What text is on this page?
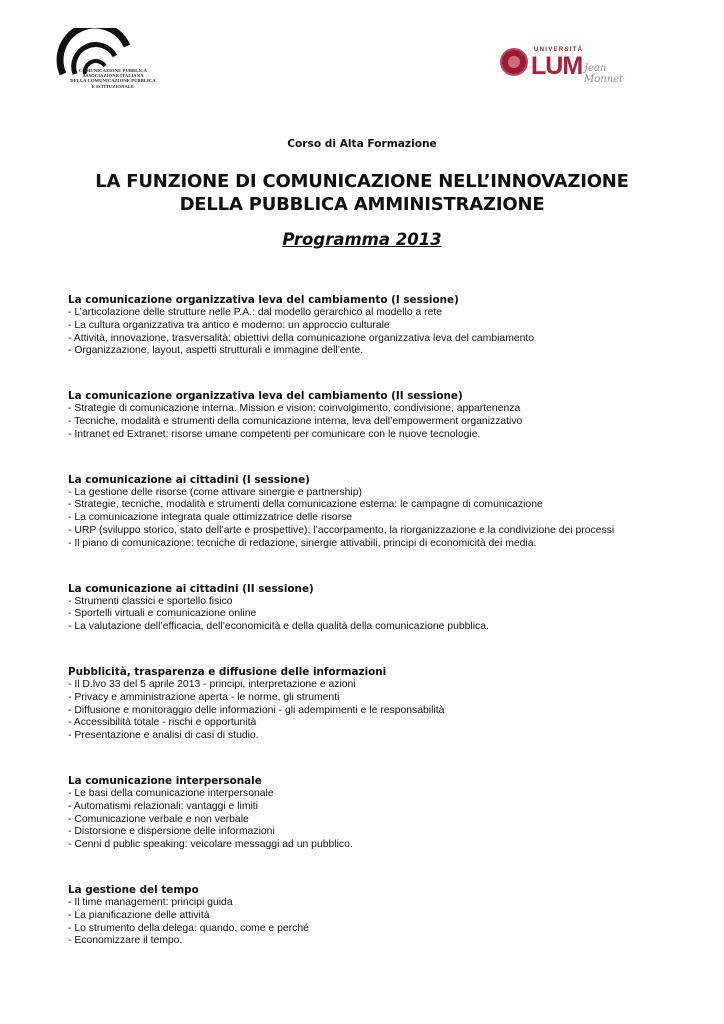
COMUNICAZIONE PUBBLICA
ASSOCIAZIONE ITALIANA
DELLA COMUNICAZIONE PUBBLICA
E ISTITUZIONALE
UNIVERSITÀ
LUM Jean Monnet
Corso di Alta Formazione
LA FUNZIONE DI COMUNICAZIONE NELL’INNOVAZIONE
DELLA PUBBLICA AMMINISTRAZIONE
Programma 2013
La comunicazione organizzativa leva del cambiamento (I sessione)
- L’articolazione delle strutture nelle P.A.: dal modello gerarchico al modello a rete
- La cultura organizzativa tra antico e moderno: un approccio culturale
- Attività, innovazione, trasversalità: obiettivi della comunicazione organizzativa leva del cambiamento
- Organizzazione, layout, aspetti strutturali e immagine dell’ente.
La comunicazione organizzativa leva del cambiamento (II sessione)
- Strategie di comunicazione interna. Mission e vision: coinvolgimento, condivisione, appartenenza
- Tecniche, modalità e strumenti della comunicazione interna, leva dell’empowerment organizzativo
- Intranet ed Extranet: risorse umane competenti per comunicare con le nuove tecnologie.
La comunicazione ai cittadini (I sessione)
- La gestione delle risorse (come attivare sinergie e partnership)
- Strategie, tecniche, modalità e strumenti della comunicazione esterna: le campagne di comunicazione
- La comunicazione integrata quale ottimizzatrice delle risorse
- URP (sviluppo storico, stato dell’arte e prospettive): l’accorpamento, la riorganizzazione e la condivizione dei processi
- Il piano di comunicazione: tecniche di redazione, sinergie attivabili, principi di economicità dei media.
La comunicazione ai cittadini (II sessione)
- Strumenti classici e sportello fisico
- Sportelli virtuali e comunicazione online
- La valutazione dell’efficacia, dell’economicità e della qualità della comunicazione pubblica.
Pubblicità, trasparenza e diffusione delle informazioni
- Il D.lvo 33 del 5 aprile 2013 - principi, interpretazione e azioni
- Privacy e amministrazione aperta - le norme, gli strumenti
- Diffusione e monitoraggio delle informazioni - gli adempimenti e le responsabilità
- Accessibilità totale - rischi e opportunità
- Presentazione e analisi di casi di studio.
La comunicazione interpersonale
- Le basi della comunicazione interpersonale
- Automatismi relazionali: vantaggi e limiti
- Comunicazione verbale e non verbale
- Distorsione e dispersione delle informazioni
- Cenni d public speaking: veicolare messaggi ad un pubblico.
La gestione del tempo
- Il time management: principi guida
- La pianificazione delle attività
- Lo strumento della delega: quando, come e perché
- Economizzare il tempo.
